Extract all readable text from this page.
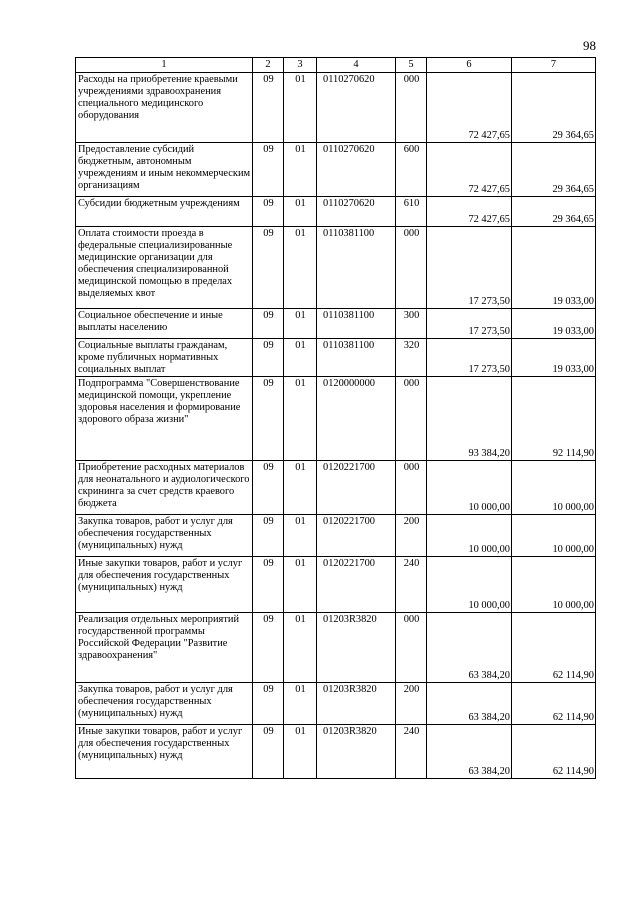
98
1	2	3	4	5	6	7
Расходы на приобретение краевыми учреждениями здравоохранения специального медицинского оборудования	09	01	0110270620	000	72 427,65	29 364,65
Предоставление субсидий бюджетным, автономным учреждениям и иным некоммерческим организациям	09	01	0110270620	600	72 427,65	29 364,65
Субсидии бюджетным учреждениям	09	01	0110270620	610	72 427,65	29 364,65
Оплата стоимости проезда в федеральные специализированные медицинские организации для обеспечения специализированной медицинской помощью в пределах выделяемых квот	09	01	0110381100	000	17 273,50	19 033,00
Социальное обеспечение и иные выплаты населению	09	01	0110381100	300	17 273,50	19 033,00
Социальные выплаты гражданам, кроме публичных нормативных социальных выплат	09	01	0110381100	320	17 273,50	19 033,00
Подпрограмма "Совершенствование медицинской помощи, укрепление здоровья населения и формирование здорового образа жизни"	09	01	0120000000	000	93 384,20	92 114,90
Приобретение расходных материалов для неонатального и аудиологического скрининга за счет средств краевого бюджета	09	01	0120221700	000	10 000,00	10 000,00
Закупка товаров, работ и услуг для обеспечения государственных (муниципальных) нужд	09	01	0120221700	200	10 000,00	10 000,00
Иные закупки товаров, работ и услуг для обеспечения государственных (муниципальных) нужд	09	01	0120221700	240	10 000,00	10 000,00
Реализация отдельных мероприятий государственной программы Российской Федерации "Развитие здравоохранения"	09	01	01203R3820	000	63 384,20	62 114,90
Закупка товаров, работ и услуг для обеспечения государственных (муниципальных) нужд	09	01	01203R3820	200	63 384,20	62 114,90
Иные закупки товаров, работ и услуг для обеспечения государственных (муниципальных) нужд	09	01	01203R3820	240	63 384,20	62 114,90
